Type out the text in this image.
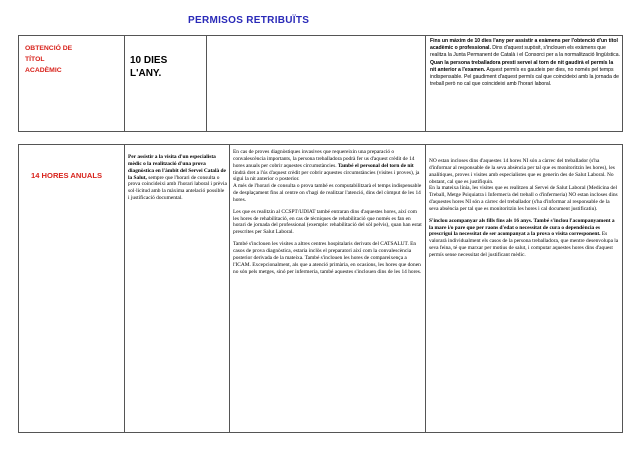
PERMISOS RETRIBUÏTS
OBTENCIÓ DE
TÍTOL
ACADÈMIC
10 DIES
L'ANY.
Fins un màxim de 10 dies l'any per assistir a exàmens per l'obtenció d'un títol acadèmic o professional. Dins d'aquest supòsit, s'inclouen els exàmens que realitza la Junta Permanent de Català i el Consorci per a la normalització lingüística. Quan la persona treballadora presti servei al torn de nit gaudirà el permís la nit anterior a l'examen. Aquest permís es gaudeix per dies, no només pel temps indispensable. Pel gaudiment d'aquest permís cal que coincideixi amb la jornada de treball però no cal que coincideixi amb l'horari laboral.
14 HORES ANUALS
Per assistir a la visita d'un especialista mèdic o la realització d'una prova diagnòstica en l'àmbit del Servei Català de la Salut, sempre que l'horari de consulta o prova coincideixi amb l'horari laboral i prèvia sol·licitud amb la màxima antelació possible i justificació documental.

En cas de proves diagnòstiques invasives que requereixin una preparació o convalescència importants, la persona treballadora podrà fer us d'aquest crèdit de 14 hores anuals per cobrir aquestes circumstàncies. També el personal del torn de nit tindrà dret a l'ús d'aquest crèdit per cobrir aquestes circumstàncies (visites i proves), ja sigui la nit anterior o posterior.

A més de l'horari de consulta o prova també es computabilitzarà el temps indispensable de desplaçament fins al centre on s'hagi de realitzar l'atenció, dins del còmput de les 14 hores.

Les que es realitzin al CCSPT/UDIAT també entraran dins d'aquestes hores, així com les hores de rehabilitació, en cas de tècniques de rehabilitació que només es fan en horari de jornada del professional (exemple: rehabilitació del sòl pelvis), quan han estat prescrites per Salut Laboral.

També s'inclouen les visites a altres centres hospitalaris derivats del CATSALUT. En casos de prova diagnòstica, estaria inclòs el preparatori així com la convalescència posterior derivada de la mateixa. També s'inclouen les hores de compareixença a l'ICAM. Excepcionalment, als que a atenció primària, en ocasions, les hores que donen no són pels metges, sinó per infermeria, també aquestes s'inclouen dins de les 14 hores.

NO estan incloses dins d'aquestes 14 hores NI són a càrrec del treballador (s'ha d'informar al responsable de la seva absència per tal que es monitoritzin les hores), les analítiques, proves i visites amb especialistes que es generin des de Salut Laboral. No obstant, cal que es justifiquin.

En la mateixa línia, les visites que es realitzen al Servei de Salut Laboral (Medicina del Treball, Metge Psiquiatra i Infermer/a del treball o d'infermeria) NO estan incloses dins d'aquestes hores NI són a càrrec del treballador (s'ha d'informar al responsable de la seva absència per tal que es monitoritzin les hores i cal document justificatiu).

S'inclou acompanyar als fills fins als 16 anys. També s'inclou l'acompanyament a la mare i/o pare que per raons d'edat o necessitat de cura o dependència es prescrigui la necessitat de ser acompanyat a la prova o visita corresponent. Es valorarà individualment els casos de la persona treballadora, que mentre desenvolupa la seva feina, té que marxar per motius de salut, i computar aquestes hores dins d'aquest permís sense necessitat del justificant mèdic.
